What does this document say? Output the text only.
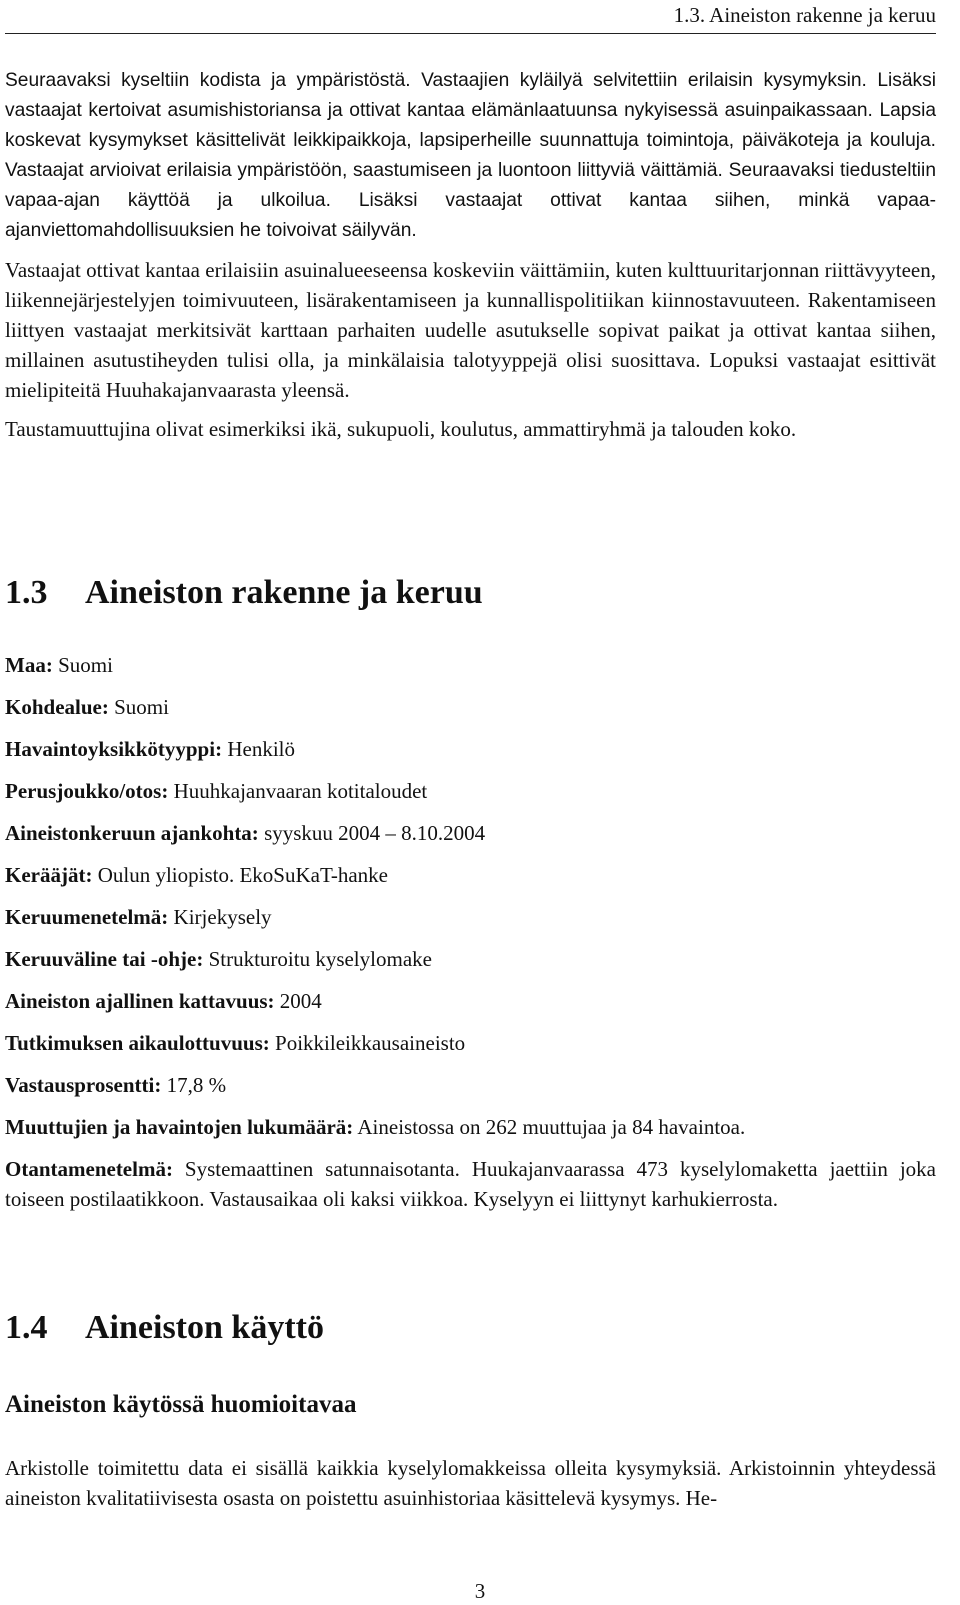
1.3. Aineiston rakenne ja keruu

Seuraavaksi kyseltiin kodista ja ympäristöstä. Vastaajien kyläilyä selvitettiin erilaisin kysymyksin. Lisäksi vastaajat kertoivat asumishistoriansa ja ottivat kantaa elämänlaatuunsa nykyisessä asuinpaikassaan. Lapsia koskevat kysymykset käsittelivät leikkipaikkoja, lapsiperheille suunnattuja toimintoja, päiväkoteja ja kouluja. Vastaajat arvioivat erilaisia ympäristöön, saastumiseen ja luontoon liittyviä väittämiä. Seuraavaksi tiedusteltiin vapaa-ajan käyttöä ja ulkoilua. Lisäksi vastaajat ottivat kantaa siihen, minkä vapaa-ajanviettomahdollisuuksien he toivoivat säilyvän.

Vastaajat ottivat kantaa erilaisiin asuinalueeseensa koskeviin väittämiin, kuten kulttuuritarjonnan riittävyyteen, liikennejärjestelyjen toimivuuteen, lisärakentamiseen ja kunnallispolitiikan kiinnostavuuteen. Rakentamiseen liittyen vastaajat merkitsivät karttaan parhaiten uudelle asutukselle sopivat paikat ja ottivat kantaa siihen, millainen asutustiheyden tulisi olla, ja minkälaisia talotyyppejä olisi suosittava. Lopuksi vastaajat esittivät mielipiteitä Huuhakajanvaarasta yleensä.

Taustamuuttujina olivat esimerkiksi ikä, sukupuoli, koulutus, ammattiryhmä ja talouden koko.

1.3 Aineiston rakenne ja keruu

Maa: Suomi

Kohdealue: Suomi

Havaintoyksikkötyyppi: Henkilö

Perusjoukko/otos: Huuhkajanvaaran kotitaloudet

Aineistonkeruun ajankohta: syyskuu 2004 – 8.10.2004

Kerääjät: Oulun yliopisto. EkoSuKaT-hanke

Keruumenetelmä: Kirjekysely

Keruuväline tai -ohje: Strukturoitu kyselylomake

Aineiston ajallinen kattavuus: 2004

Tutkimuksen aikaulottuvuus: Poikkileikkausaineisto

Vastausprosentti: 17,8 %

Muuttujien ja havaintojen lukumäärä: Aineistossa on 262 muuttujaa ja 84 havaintoa.

Otantamenetelmä: Systemaattinen satunnaisotanta. Huukajanvaarassa 473 kyselylomaketta jaettiin joka toiseen postilaatikkoon. Vastausaikaa oli kaksi viikkoa. Kyselyyn ei liittynyt karhukierrosta.

1.4 Aineiston käyttö
Aineiston käytössä huomioitavaa

Arkistolle toimitettu data ei sisällä kaikkia kyselylomakkeissa olleita kysymyksiä. Arkistoinnin yhteydessä aineiston kvalitatiivisesta osasta on poistettu asuinhistoriaa käsittelevä kysymys. He-

3
